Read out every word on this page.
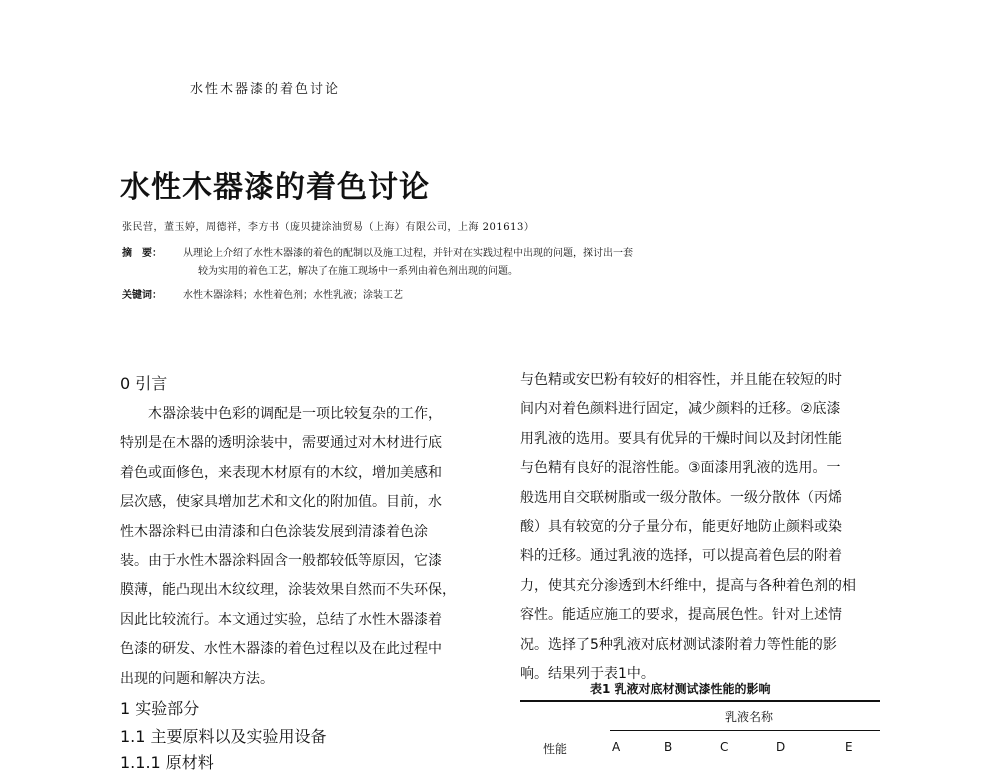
水性木器漆的着色讨论
水性木器漆的着色讨论
张民营，董玉婷，周德祥，李方书（庞贝捷涂油贸易（上海）有限公司，上海 201613）
摘　要： 从理论上介绍了水性木器漆的着色的配制以及施工过程，并针对在实践过程中出现的问题，探讨出一套
较为实用的着色工艺，解决了在施工现场中一系列由着色剂出现的问题。
关键词： 水性木器涂料；水性着色剂；水性乳液；涂装工艺
0 引言
　　木器涂装中色彩的调配是一项比较复杂的工作，
特别是在木器的透明涂装中，需要通过对木材进行底
着色或面修色，来表现木材原有的木纹，增加美感和
层次感，使家具增加艺术和文化的附加值。目前，水
性木器涂料已由清漆和白色涂装发展到清漆着色涂
装。由于水性木器涂料固含一般都较低等原因，它漆
膜薄，能凸现出木纹纹理，涂装效果自然而不失环保，
因此比较流行。本文通过实验，总结了水性木器漆着
色漆的研发、水性木器漆的着色过程以及在此过程中
出现的问题和解决方法。
与色精或安巴粉有较好的相容性，并且能在较短的时
间内对着色颜料进行固定，减少颜料的迁移。②底漆
用乳液的选用。要具有优异的干燥时间以及封闭性能
与色精有良好的混溶性能。③面漆用乳液的选用。一
般选用自交联树脂或一级分散体。一级分散体（丙烯
酸）具有较宽的分子量分布，能更好地防止颜料或染
料的迁移。通过乳液的选择，可以提高着色层的附着
力，使其充分渗透到木纤维中，提高与各种着色剂的相
容性。能适应施工的要求，提高展色性。针对上述情
况。选择了5种乳液对底材测试漆附着力等性能的影
响。结果列于表1中。
1 实验部分
1.1 主要原料以及实验用设备
1.1.1 原材料
表1 乳液对底材测试漆性能的影响
乳液名称
性能	A	B	C	D	E
